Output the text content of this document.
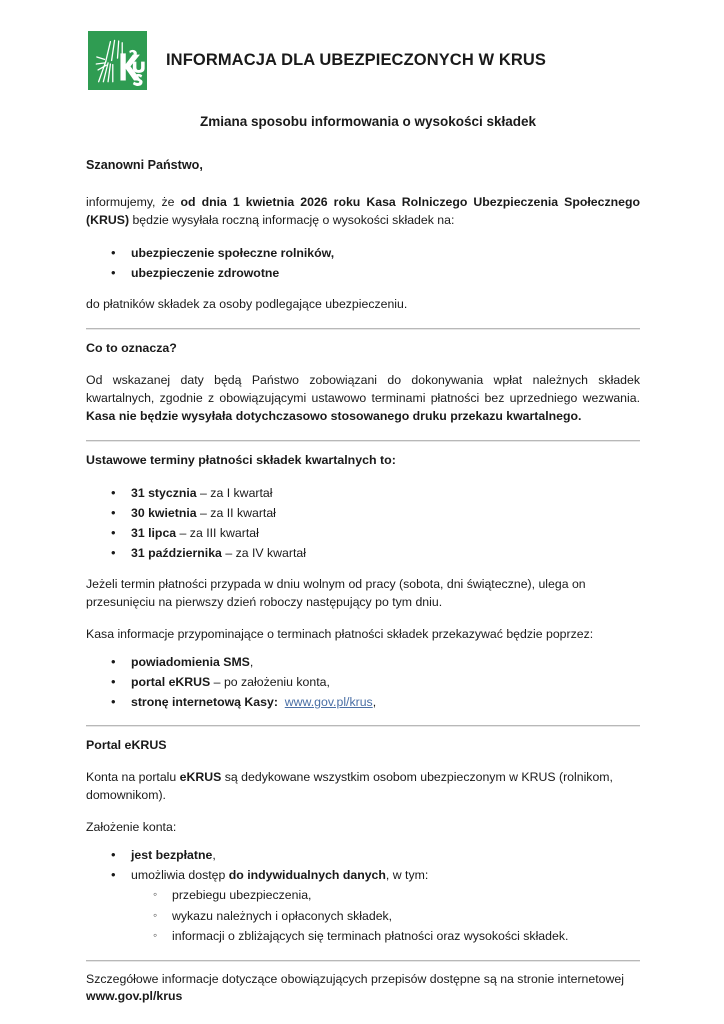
INFORMACJA DLA UBEZPIECZONYCH W KRUS
Zmiana sposobu informowania o wysokości składek

Szanowni Państwo,

informujemy, że od dnia 1 kwietnia 2026 roku Kasa Rolniczego Ubezpieczenia Społecznego (KRUS) będzie wysyłała roczną informację o wysokości składek na:

• ubezpieczenie społeczne rolników,
• ubezpieczenie zdrowotne

do płatników składek za osoby podlegające ubezpieczeniu.

Co to oznacza?

Od wskazanej daty będą Państwo zobowiązani do dokonywania wpłat należnych składek kwartalnych, zgodnie z obowiązującymi ustawowo terminami płatności bez uprzedniego wezwania. Kasa nie będzie wysyłała dotychczasowo stosowanego druku przekazu kwartalnego.

Ustawowe terminy płatności składek kwartalnych to:

• 31 stycznia – za I kwartał
• 30 kwietnia – za II kwartał
• 31 lipca – za III kwartał
• 31 października – za IV kwartał

Jeżeli termin płatności przypada w dniu wolnym od pracy (sobota, dni świąteczne), ulega on przesunięciu na pierwszy dzień roboczy następujący po tym dniu.

Kasa informacje przypominające o terminach płatności składek przekazywać będzie poprzez:

• powiadomienia SMS,
• portal eKRUS – po założeniu konta,
• stronę internetową Kasy: www.gov.pl/krus,

Portal eKRUS

Konta na portalu eKRUS są dedykowane wszystkim osobom ubezpieczonym w KRUS (rolnikom, domownikom).

Założenie konta:

• jest bezpłatne,
• umożliwia dostęp do indywidualnych danych, w tym:
◦ przebiegu ubezpieczenia,
◦ wykazu należnych i opłaconych składek,
◦ informacji o zbliżających się terminach płatności oraz wysokości składek.

Szczegółowe informacje dotyczące obowiązujących przepisów dostępne są na stronie internetowej www.gov.pl/krus
